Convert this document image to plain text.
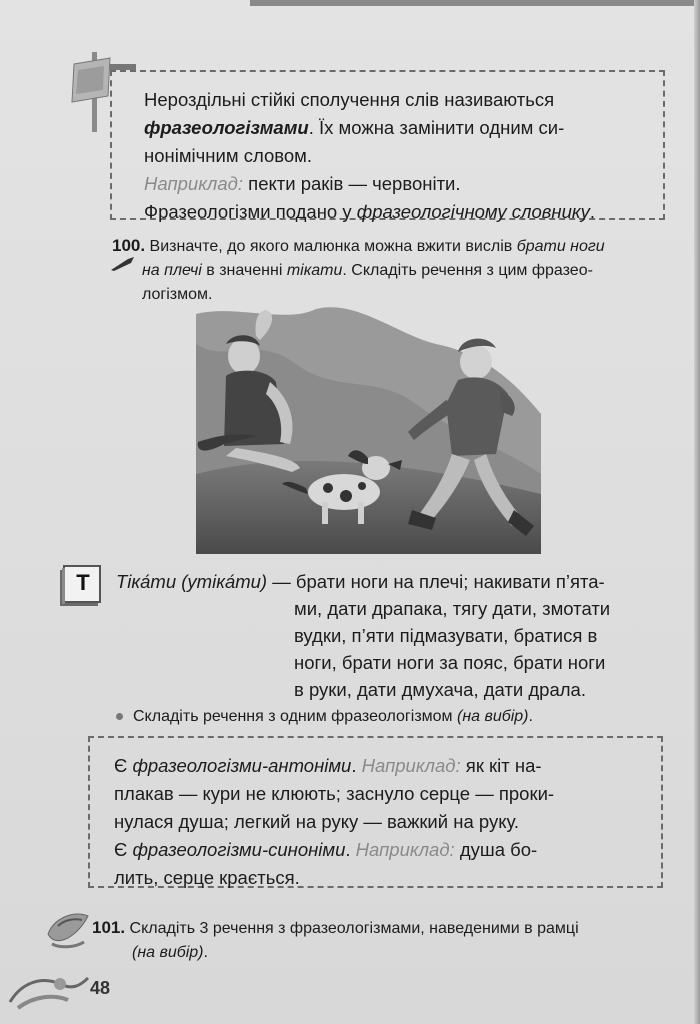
Нероздільні стійкі сполучення слів називаються
фразеологізмами. Їх можна замінити одним си-
нонімічним словом.
Наприклад: пекти раків — червоніти.
Фразеологізми подано у фразеологічному словнику.
100. Визначте, до якого малюнка можна вжити вислів брати ноги
на плечі в значенні тікати. Складіть речення з цим фразео-
логізмом.
Т	Тіка́ти (утіка́ти) — брати ноги на плечі; накивати п’ята-
ми, дати драпака, тягу дати, змотати
вудки, п’яти підмазувати, братися в
ноги, брати ноги за пояс, брати ноги
в руки, дати дмухача, дати драла.
Складіть речення з одним фразеологізмом (на вибір).
Є фразеологізми-антоніми. Наприклад: як кіт на-
плакав — кури не клюють; заснуло серце — проки-
нулася душа; легкий на руку — важкий на руку.
Є фразеологізми-синоніми. Наприклад: душа бо-
лить, серце крається.
101. Складіть 3 речення з фразеологізмами, наведеними в рамці
(на вибір).
48
